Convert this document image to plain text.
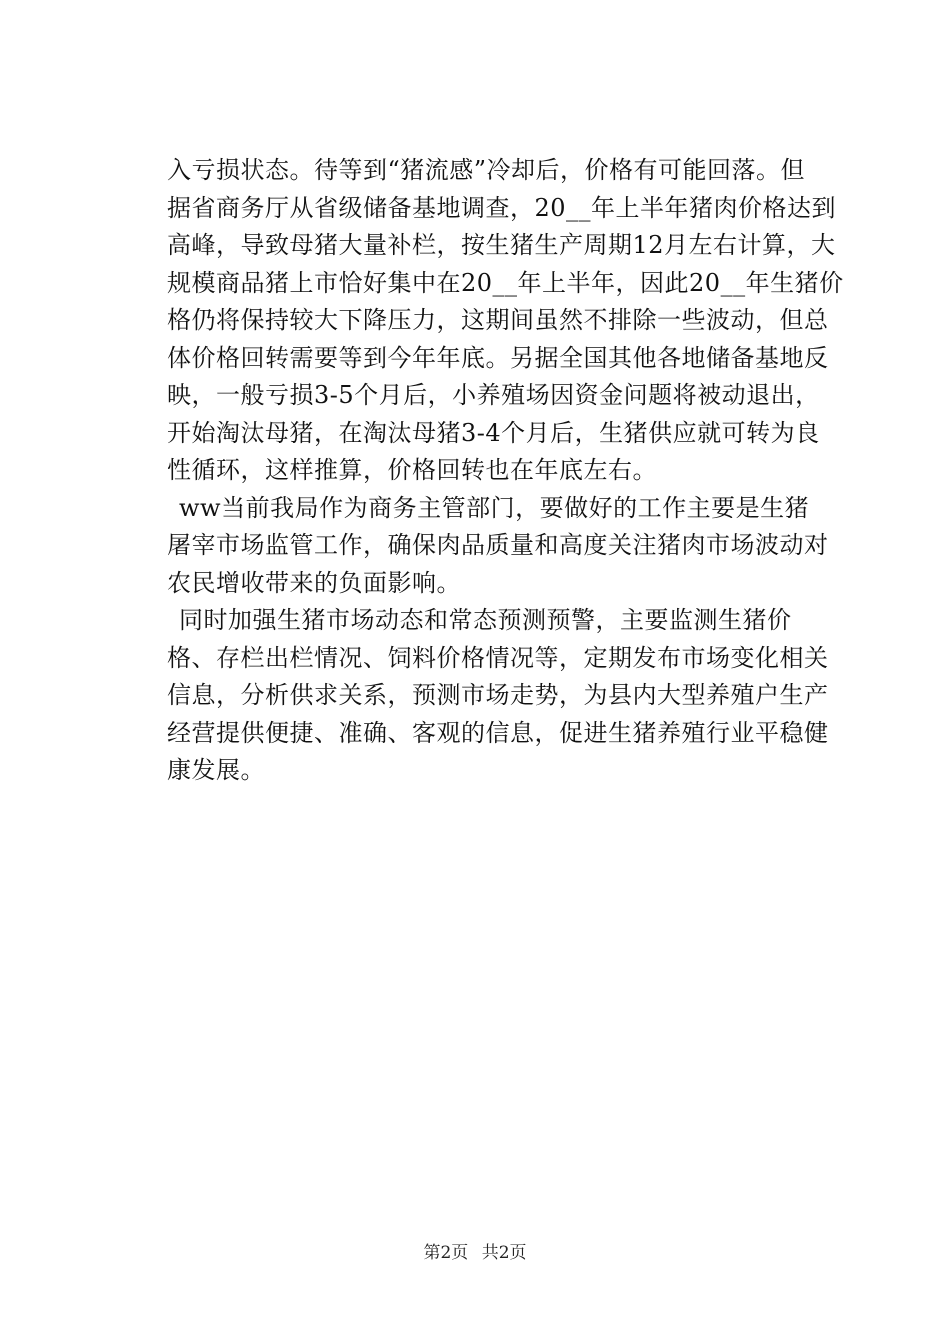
入亏损状态。待等到“猪流感”冷却后，价格有可能回落。但
据省商务厅从省级储备基地调查，20__年上半年猪肉价格达到
高峰，导致母猪大量补栏，按生猪生产周期12月左右计算，大
规模商品猪上市恰好集中在20__年上半年，因此20__年生猪价
格仍将保持较大下降压力，这期间虽然不排除一些波动，但总
体价格回转需要等到今年年底。另据全国其他各地储备基地反
映，一般亏损3-5个月后，小养殖场因资金问题将被动退出，
开始淘汰母猪，在淘汰母猪3-4个月后，生猪供应就可转为良
性循环，这样推算，价格回转也在年底左右。
ww当前我局作为商务主管部门，要做好的工作主要是生猪
屠宰市场监管工作，确保肉品质量和高度关注猪肉市场波动对
农民增收带来的负面影响。
同时加强生猪市场动态和常态预测预警，主要监测生猪价
格、存栏出栏情况、饲料价格情况等，定期发布市场变化相关
信息，分析供求关系，预测市场走势，为县内大型养殖户生产
经营提供便捷、准确、客观的信息，促进生猪养殖行业平稳健
康发展。
第2页 共2页
